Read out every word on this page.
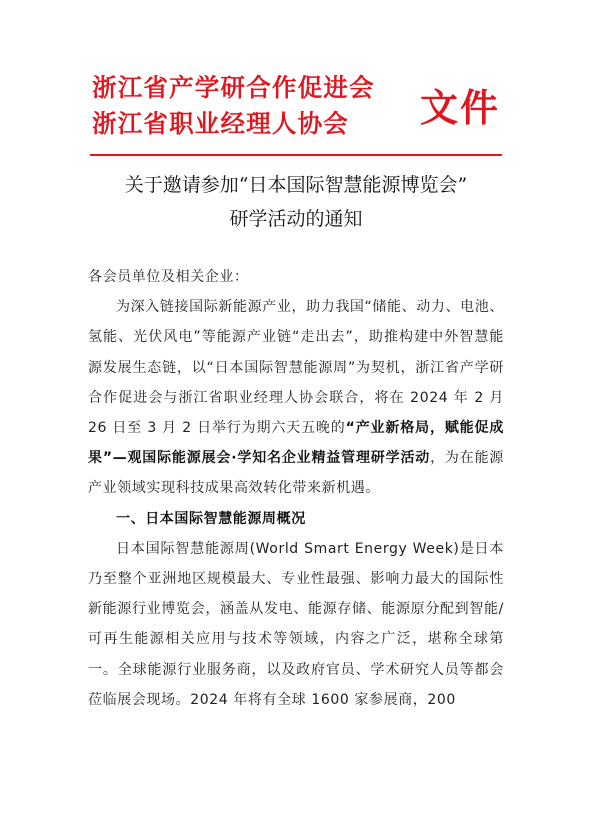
浙江省产学研合作促进会
浙江省职业经理人协会	文件
关于邀请参加“日本国际智慧能源博览会”
研学活动的通知

各会员单位及相关企业：

为深入链接国际新能源产业，助力我国“储能、动力、电池、氢能、光伏风电”等能源产业链“走出去”，助推构建中外智慧能源发展生态链，以“日本国际智慧能源周”为契机，浙江省产学研合作促进会与浙江省职业经理人协会联合，将在 2024 年 2 月 26 日至 3 月 2 日举行为期六天五晚的“产业新格局，赋能促成果”—观国际能源展会·学知名企业精益管理研学活动，为在能源产业领域实现科技成果高效转化带来新机遇。

一、日本国际智慧能源周概况

日本国际智慧能源周(World Smart Energy Week)是日本乃至整个亚洲地区规模最大、专业性最强、影响力最大的国际性新能源行业博览会，涵盖从发电、能源存储、能源原分配到智能/可再生能源相关应用与技术等领域，内容之广泛，堪称全球第一。全球能源行业服务商，以及政府官员、学术研究人员等都会莅临展会现场。2024 年将有全球 1600 家参展商，200
